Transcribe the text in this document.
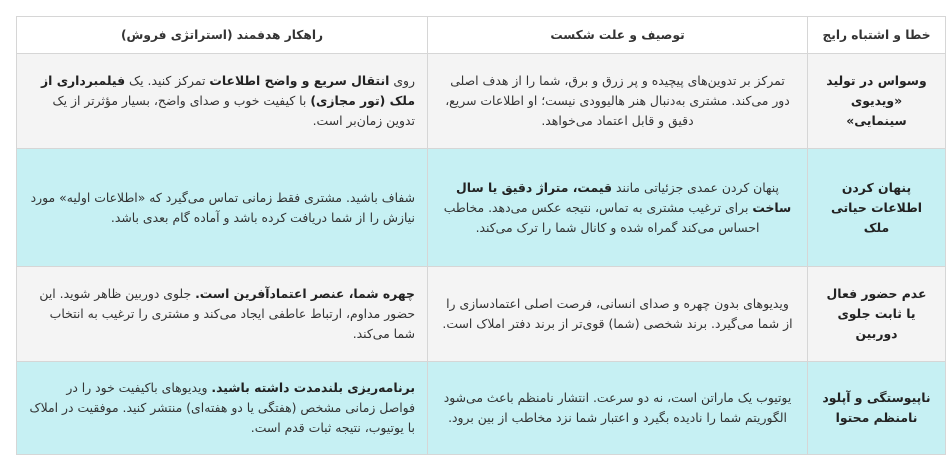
خطا و اشتباه رایج	توصیف و علت شکست	راهکار هدفمند (استراتژی فروش)
وسواس در تولید «ویدیوی سینمایی»	تمرکز بر تدوین‌های پیچیده و پر زرق و برق، شما را از هدف اصلی دور می‌کند. مشتری به‌دنبال هنر هالیوودی نیست؛ او اطلاعات سریع، دقیق و قابل اعتماد می‌خواهد.	روی انتقال سریع و واضح اطلاعات تمرکز کنید. یک فیلمبرداری از ملک (تور مجازی) با کیفیت خوب و صدای واضح، بسیار مؤثرتر از یک تدوین زمان‌بر است.
پنهان کردن اطلاعات حیاتی ملک	پنهان کردن عمدی جزئیاتی مانند قیمت، متراژ دقیق یا سال ساخت برای ترغیب مشتری به تماس، نتیجه عکس می‌دهد. مخاطب احساس می‌کند گمراه شده و کانال شما را ترک می‌کند.	شفاف باشید. مشتری فقط زمانی تماس می‌گیرد که «اطلاعات اولیه» مورد نیازش را از شما دریافت کرده باشد و آماده گام بعدی باشد.
عدم حضور فعال یا ثابت جلوی دوربین	ویدیوهای بدون چهره و صدای انسانی، فرصت اصلی اعتمادسازی را از شما می‌گیرد. برند شخصی (شما) قوی‌تر از برند دفتر املاک است.	چهره شما، عنصر اعتمادآفرین است. جلوی دوربین ظاهر شوید. این حضور مداوم، ارتباط عاطفی ایجاد می‌کند و مشتری را ترغیب به انتخاب شما می‌کند.
ناپیوستگی و آپلود نامنظم محتوا	یوتیوب یک ماراتن است، نه دو سرعت. انتشار نامنظم باعث می‌شود الگوریتم شما را نادیده بگیرد و اعتبار شما نزد مخاطب از بین برود.	برنامه‌ریزی بلندمدت داشته باشید. ویدیوهای باکیفیت خود را در فواصل زمانی مشخص (هفتگی یا دو هفته‌ای) منتشر کنید. موفقیت در املاک با یوتیوب، نتیجه ثبات قدم است.
